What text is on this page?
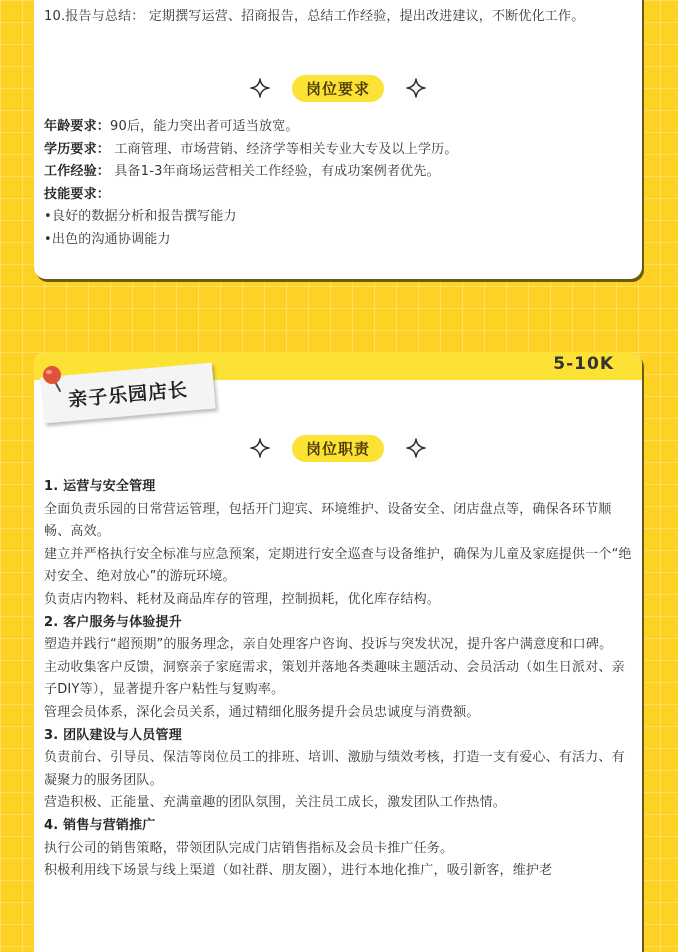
10.报告与总结： 定期撰写运营、招商报告，总结工作经验，提出改进建议，不断优化工作。

岗位要求

年龄要求：90后，能力突出者可适当放宽。

学历要求： 工商管理、市场营销、经济学等相关专业大专及以上学历。

工作经验： 具备1-3年商场运营相关工作经验，有成功案例者优先。

技能要求：

•良好的数据分析和报告撰写能力

•出色的沟通协调能力

5-10K
岗位职责

1. 运营与安全管理

全面负责乐园的日常营运管理，包括开门迎宾、环境维护、设备安全、闭店盘点等，确保各环节顺畅、高效。

建立并严格执行安全标准与应急预案，定期进行安全巡查与设备维护，确保为儿童及家庭提供一个“绝对安全、绝对放心”的游玩环境。

负责店内物料、耗材及商品库存的管理，控制损耗，优化库存结构。

2. 客户服务与体验提升

塑造并践行“超预期”的服务理念，亲自处理客户咨询、投诉与突发状况，提升客户满意度和口碑。

主动收集客户反馈，洞察亲子家庭需求，策划并落地各类趣味主题活动、会员活动（如生日派对、亲子DIY等），显著提升客户粘性与复购率。

管理会员体系，深化会员关系，通过精细化服务提升会员忠诚度与消费额。

3. 团队建设与人员管理

负责前台、引导员、保洁等岗位员工的排班、培训、激励与绩效考核，打造一支有爱心、有活力、有凝聚力的服务团队。

营造积极、正能量、充满童趣的团队氛围，关注员工成长，激发团队工作热情。

4. 销售与营销推广

执行公司的销售策略，带领团队完成门店销售指标及会员卡推广任务。

积极利用线下场景与线上渠道（如社群、朋友圈），进行本地化推广，吸引新客，维护老

亲子乐园店长
